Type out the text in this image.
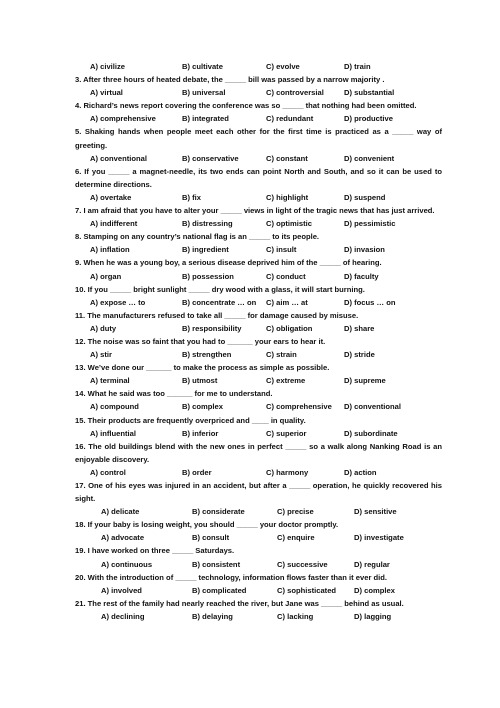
A) civilize	B) cultivate	C) evolve	D) train

3. After three hours of heated debate, the _____ bill was passed by a narrow majority .

A) virtual	B) universal	C) controversial	D) substantial

4. Richard’s news report covering the conference was so _____ that nothing had been omitted.

A) comprehensive	B) integrated	C) redundant	D) productive

5. Shaking hands when people meet each other for the first time is practiced as a _____ way of greeting.

A) conventional	B) conservative	C) constant	D) convenient

6. If you _____ a magnet-needle, its two ends can point North and South, and so it can be used to determine directions.

A) overtake	B) fix	C) highlight	D) suspend

7. I am afraid that you have to alter your _____ views in light of the tragic news that has just arrived.

A) indifferent	B) distressing	C) optimistic	D) pessimistic

8. Stamping on any country’s national flag is an _____ to its people.

A) inflation	B) ingredient	C) insult	D) invasion

9. When he was a young boy, a serious disease deprived him of the _____ of hearing.

A) organ	B) possession	C) conduct	D) faculty

10. If you _____ bright sunlight _____ dry wood with a glass, it will start burning.

A) expose … to	B) concentrate … on	C) aim … at	D) focus … on

11. The manufacturers refused to take all _____ for damage caused by misuse.

A) duty	B) responsibility	C) obligation	D) share

12. The noise was so faint that you had to ______ your ears to hear it.

A) stir	B) strengthen	C) strain	D) stride

13. We’ve done our ______ to make the process as simple as possible.

A) terminal	B) utmost	C) extreme	D) supreme

14. What he said was too ______ for me to understand.

A) compound	B) complex	C) comprehensive	D) conventional

15. Their products are frequently overpriced and ____ in quality.

A) influential	B) inferior	C) superior	D) subordinate

16. The old buildings blend with the new ones in perfect _____ so a walk along Nanking Road is an enjoyable discovery.

A) control	B) order	C) harmony	D) action

17. One of his eyes was injured in an accident, but after a _____ operation, he quickly recovered his sight.

A) delicate	B) considerate	C) precise	D) sensitive

18. If your baby is losing weight, you should _____ your doctor promptly.

A) advocate	B) consult	C) enquire	D) investigate

19. I have worked on three _____ Saturdays.

A) continuous	B) consistent	C) successive	D) regular

20. With the introduction of _____ technology, information flows faster than it ever did.

A) involved	B) complicated	C) sophisticated	D) complex

21. The rest of the family had nearly reached the river, but Jane was _____ behind as usual.

A) declining	B) delaying	C) lacking	D) lagging
